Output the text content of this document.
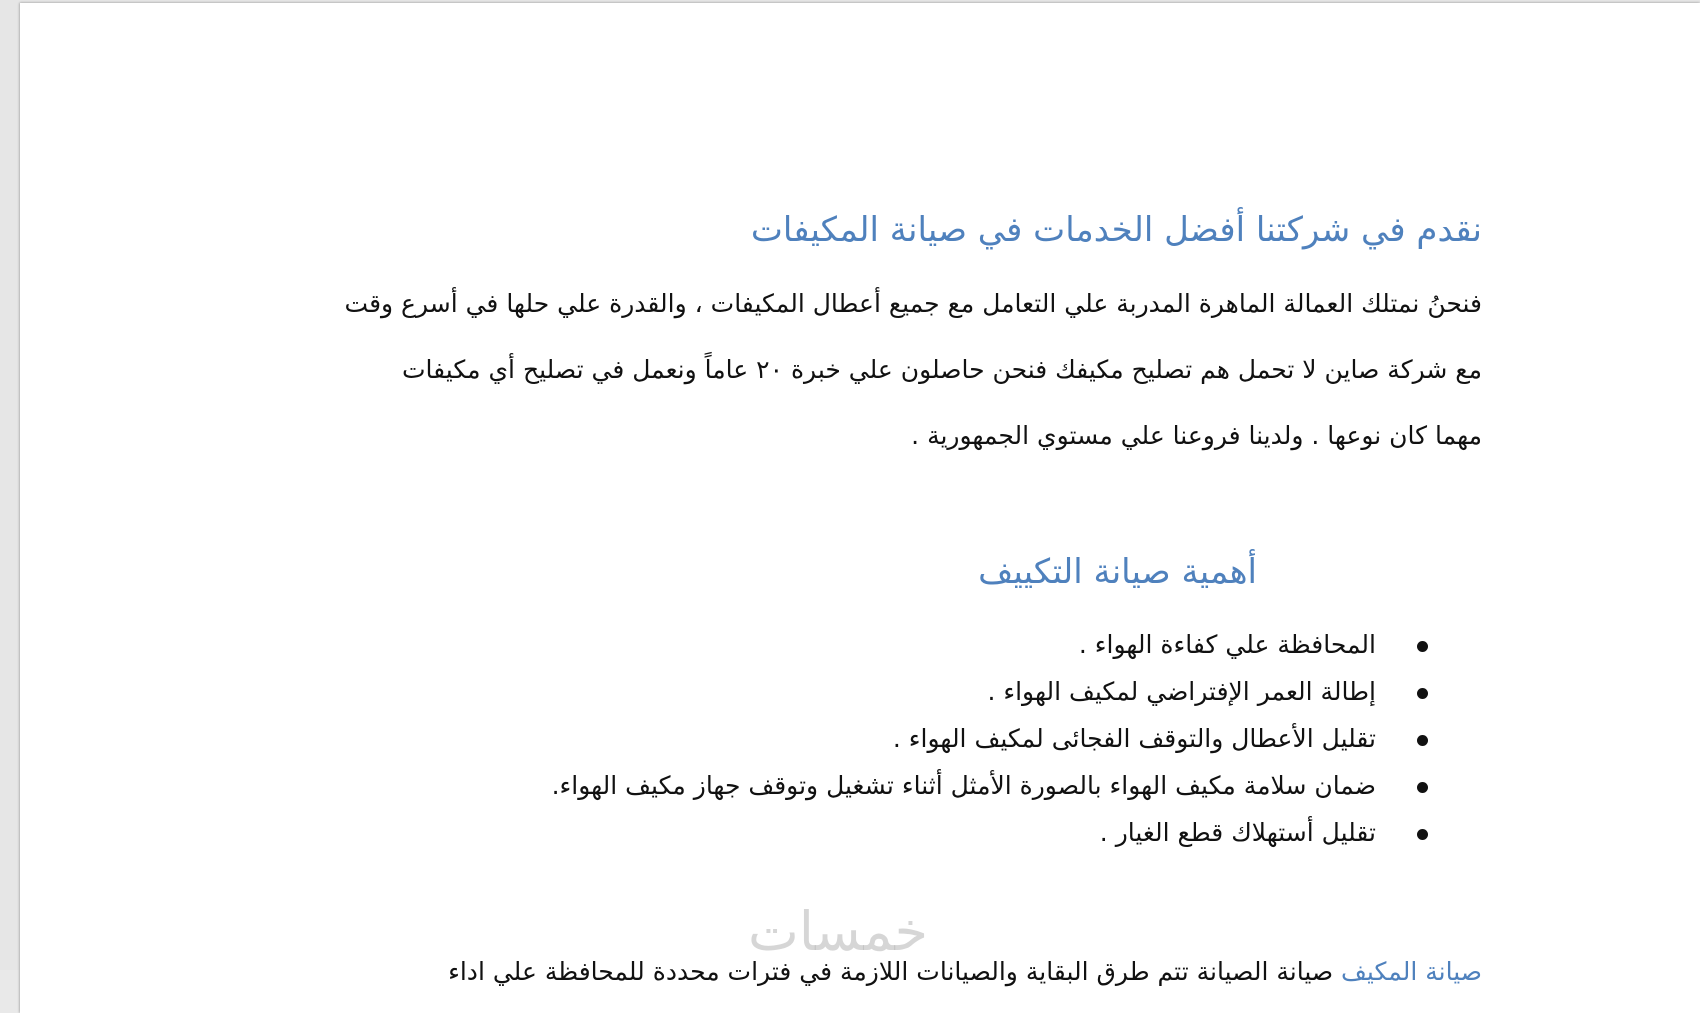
نقدم في شركتنا أفضل الخدمات في صيانة المكيفات
فنحنُ نمتلك العمالة الماهرة المدربة علي التعامل مع جميع أعطال المكيفات ، والقدرة علي حلها في أسرع وقت
مع شركة صاين لا تحمل هم تصليح مكيفك فنحن حاصلون علي خبرة ٢٠ عاماً ونعمل في تصليح أي مكيفات
مهما كان نوعها . ولدينا فروعنا علي مستوي الجمهورية .
أهمية صيانة التكييف
المحافظة علي كفاءة الهواء .
إطالة العمر الإفتراضي لمكيف الهواء .
تقليل الأعطال والتوقف الفجائى لمكيف الهواء .
ضمان سلامة مكيف الهواء بالصورة الأمثل أثناء تشغيل وتوقف جهاز مكيف الهواء.
تقليل أستهلاك قطع الغيار .
صيانة المكيف صيانة الصيانة تتم طرق البقاية والصيانات اللازمة في فترات محددة للمحافظة علي اداء
خمسات
